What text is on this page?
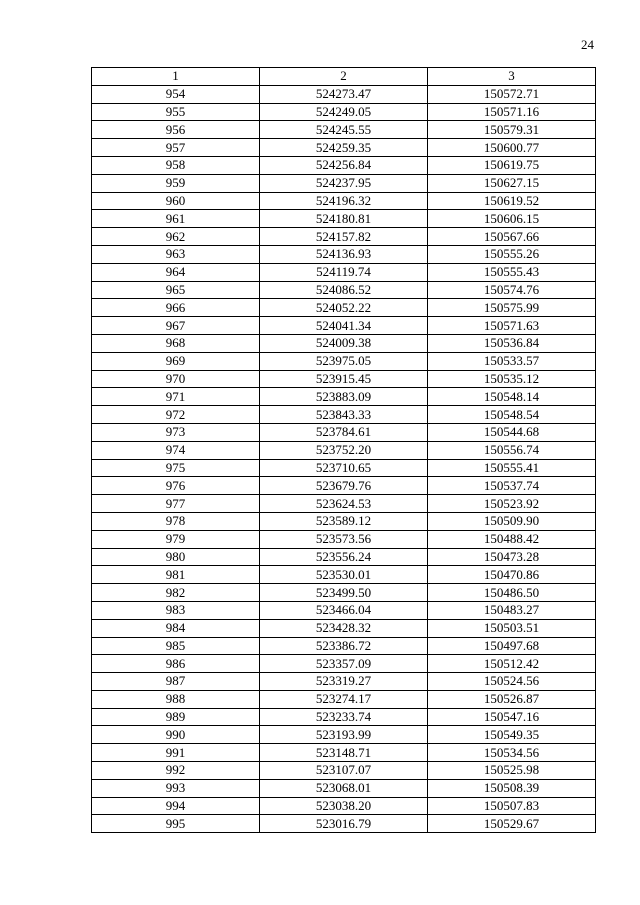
24
1	2	3
954	524273.47	150572.71
955	524249.05	150571.16
956	524245.55	150579.31
957	524259.35	150600.77
958	524256.84	150619.75
959	524237.95	150627.15
960	524196.32	150619.52
961	524180.81	150606.15
962	524157.82	150567.66
963	524136.93	150555.26
964	524119.74	150555.43
965	524086.52	150574.76
966	524052.22	150575.99
967	524041.34	150571.63
968	524009.38	150536.84
969	523975.05	150533.57
970	523915.45	150535.12
971	523883.09	150548.14
972	523843.33	150548.54
973	523784.61	150544.68
974	523752.20	150556.74
975	523710.65	150555.41
976	523679.76	150537.74
977	523624.53	150523.92
978	523589.12	150509.90
979	523573.56	150488.42
980	523556.24	150473.28
981	523530.01	150470.86
982	523499.50	150486.50
983	523466.04	150483.27
984	523428.32	150503.51
985	523386.72	150497.68
986	523357.09	150512.42
987	523319.27	150524.56
988	523274.17	150526.87
989	523233.74	150547.16
990	523193.99	150549.35
991	523148.71	150534.56
992	523107.07	150525.98
993	523068.01	150508.39
994	523038.20	150507.83
995	523016.79	150529.67
